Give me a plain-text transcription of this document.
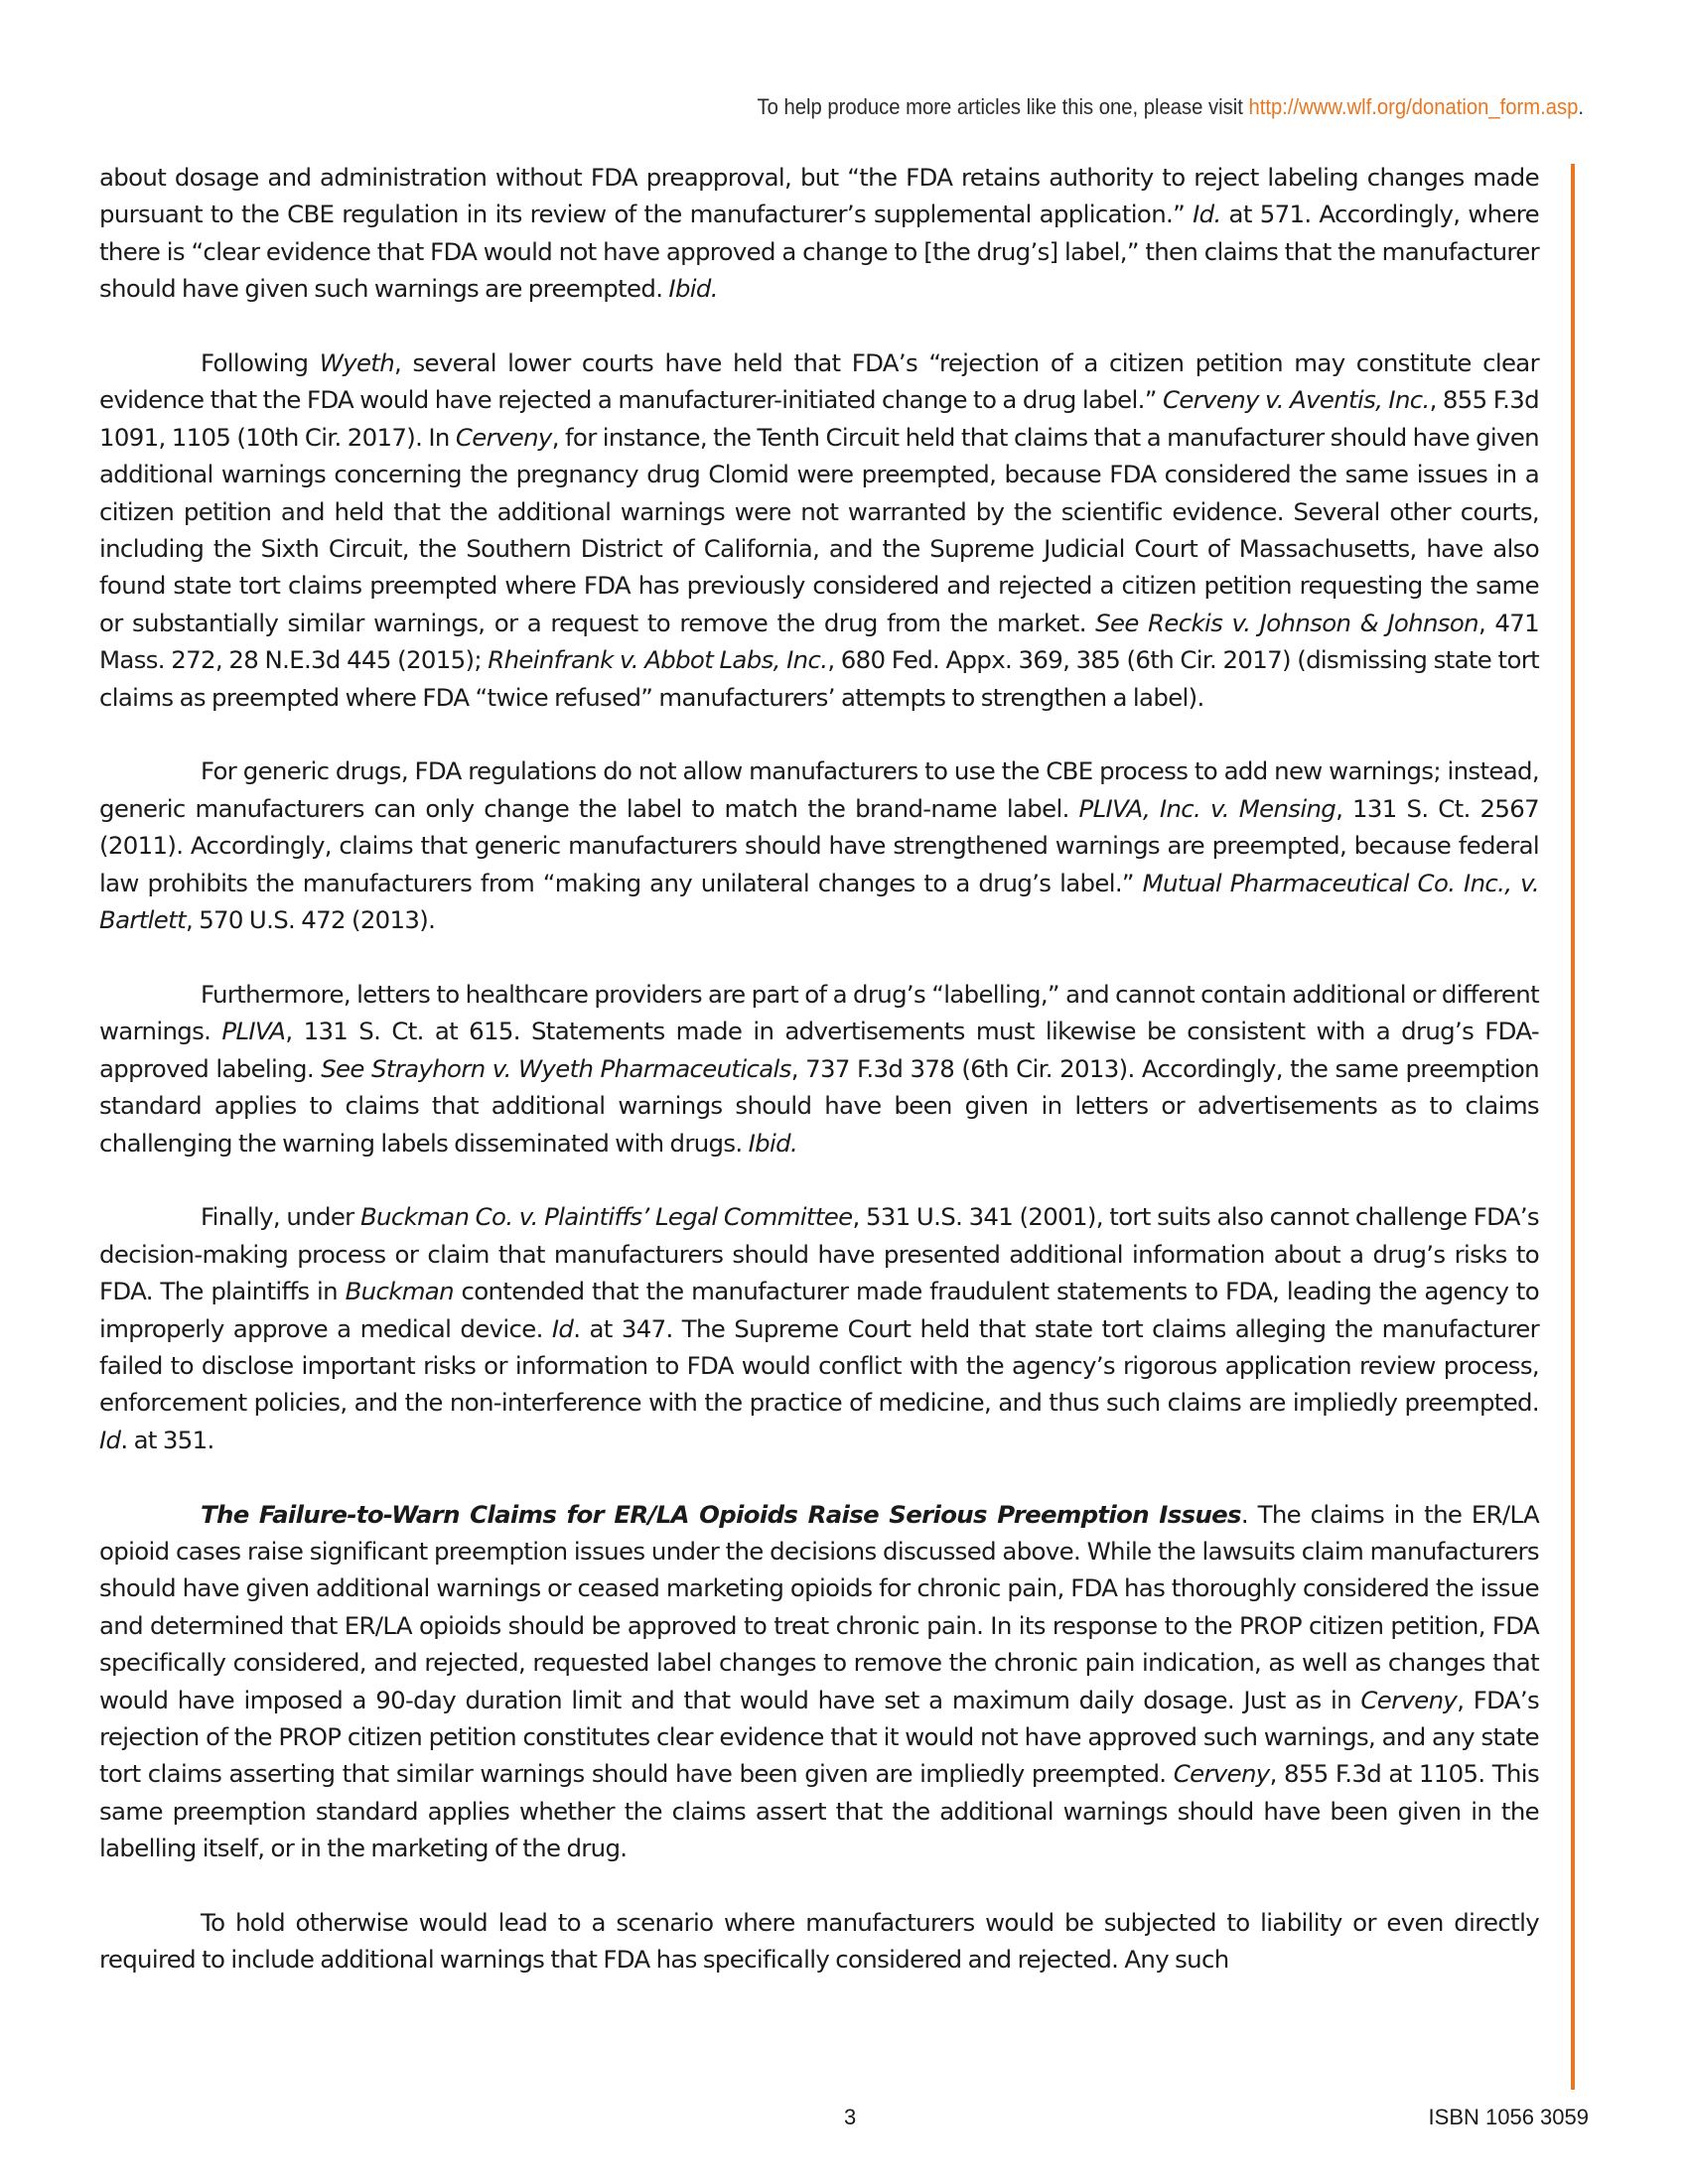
To help produce more articles like this one, please visit http://www.wlf.org/donation_form.asp.

about dosage and administration without FDA preapproval, but “the FDA retains authority to reject labeling changes made pursuant to the CBE regulation in its review of the manufacturer’s supplemental application.” Id. at 571. Accordingly, where there is “clear evidence that FDA would not have approved a change to [the drug’s] label,” then claims that the manufacturer should have given such warnings are preempted. Ibid.

Following Wyeth, several lower courts have held that FDA’s “rejection of a citizen petition may constitute clear evidence that the FDA would have rejected a manufacturer-initiated change to a drug label.” Cerveny v. Aventis, Inc., 855 F.3d 1091, 1105 (10th Cir. 2017). In Cerveny, for instance, the Tenth Circuit held that claims that a manufacturer should have given additional warnings concerning the pregnancy drug Clomid were preempted, because FDA considered the same issues in a citizen petition and held that the additional warnings were not warranted by the scientific evidence. Several other courts, including the Sixth Circuit, the Southern District of California, and the Supreme Judicial Court of Massachusetts, have also found state tort claims preempted where FDA has previously considered and rejected a citizen petition requesting the same or substantially similar warnings, or a request to remove the drug from the market. See Reckis v. Johnson & Johnson, 471 Mass. 272, 28 N.E.3d 445 (2015); Rheinfrank v. Abbot Labs, Inc., 680 Fed. Appx. 369, 385 (6th Cir. 2017) (dismissing state tort claims as preempted where FDA “twice refused” manufacturers’ attempts to strengthen a label).

For generic drugs, FDA regulations do not allow manufacturers to use the CBE process to add new warnings; instead, generic manufacturers can only change the label to match the brand-name label. PLIVA, Inc. v. Mensing, 131 S. Ct. 2567 (2011). Accordingly, claims that generic manufacturers should have strengthened warnings are preempted, because federal law prohibits the manufacturers from “making any unilateral changes to a drug’s label.” Mutual Pharmaceutical Co. Inc., v. Bartlett, 570 U.S. 472 (2013).

Furthermore, letters to healthcare providers are part of a drug’s “labelling,” and cannot contain additional or different warnings. PLIVA, 131 S. Ct. at 615. Statements made in advertisements must likewise be consistent with a drug’s FDA-approved labeling. See Strayhorn v. Wyeth Pharmaceuticals, 737 F.3d 378 (6th Cir. 2013). Accordingly, the same preemption standard applies to claims that additional warnings should have been given in letters or advertisements as to claims challenging the warning labels disseminated with drugs. Ibid.

Finally, under Buckman Co. v. Plaintiffs’ Legal Committee, 531 U.S. 341 (2001), tort suits also cannot challenge FDA’s decision-making process or claim that manufacturers should have presented additional information about a drug’s risks to FDA. The plaintiffs in Buckman contended that the manufacturer made fraudulent statements to FDA, leading the agency to improperly approve a medical device. Id. at 347. The Supreme Court held that state tort claims alleging the manufacturer failed to disclose important risks or information to FDA would conflict with the agency’s rigorous application review process, enforcement policies, and the non-interference with the practice of medicine, and thus such claims are impliedly preempted. Id. at 351.

The Failure-to-Warn Claims for ER/LA Opioids Raise Serious Preemption Issues. The claims in the ER/LA opioid cases raise significant preemption issues under the decisions discussed above. While the lawsuits claim manufacturers should have given additional warnings or ceased marketing opioids for chronic pain, FDA has thoroughly considered the issue and determined that ER/LA opioids should be approved to treat chronic pain. In its response to the PROP citizen petition, FDA specifically considered, and rejected, requested label changes to remove the chronic pain indication, as well as changes that would have imposed a 90-day duration limit and that would have set a maximum daily dosage. Just as in Cerveny, FDA’s rejection of the PROP citizen petition constitutes clear evidence that it would not have approved such warnings, and any state tort claims asserting that similar warnings should have been given are impliedly preempted. Cerveny, 855 F.3d at 1105. This same preemption standard applies whether the claims assert that the additional warnings should have been given in the labelling itself, or in the marketing of the drug.

To hold otherwise would lead to a scenario where manufacturers would be subjected to liability or even directly required to include additional warnings that FDA has specifically considered and rejected. Any such

3	ISBN 1056 3059
